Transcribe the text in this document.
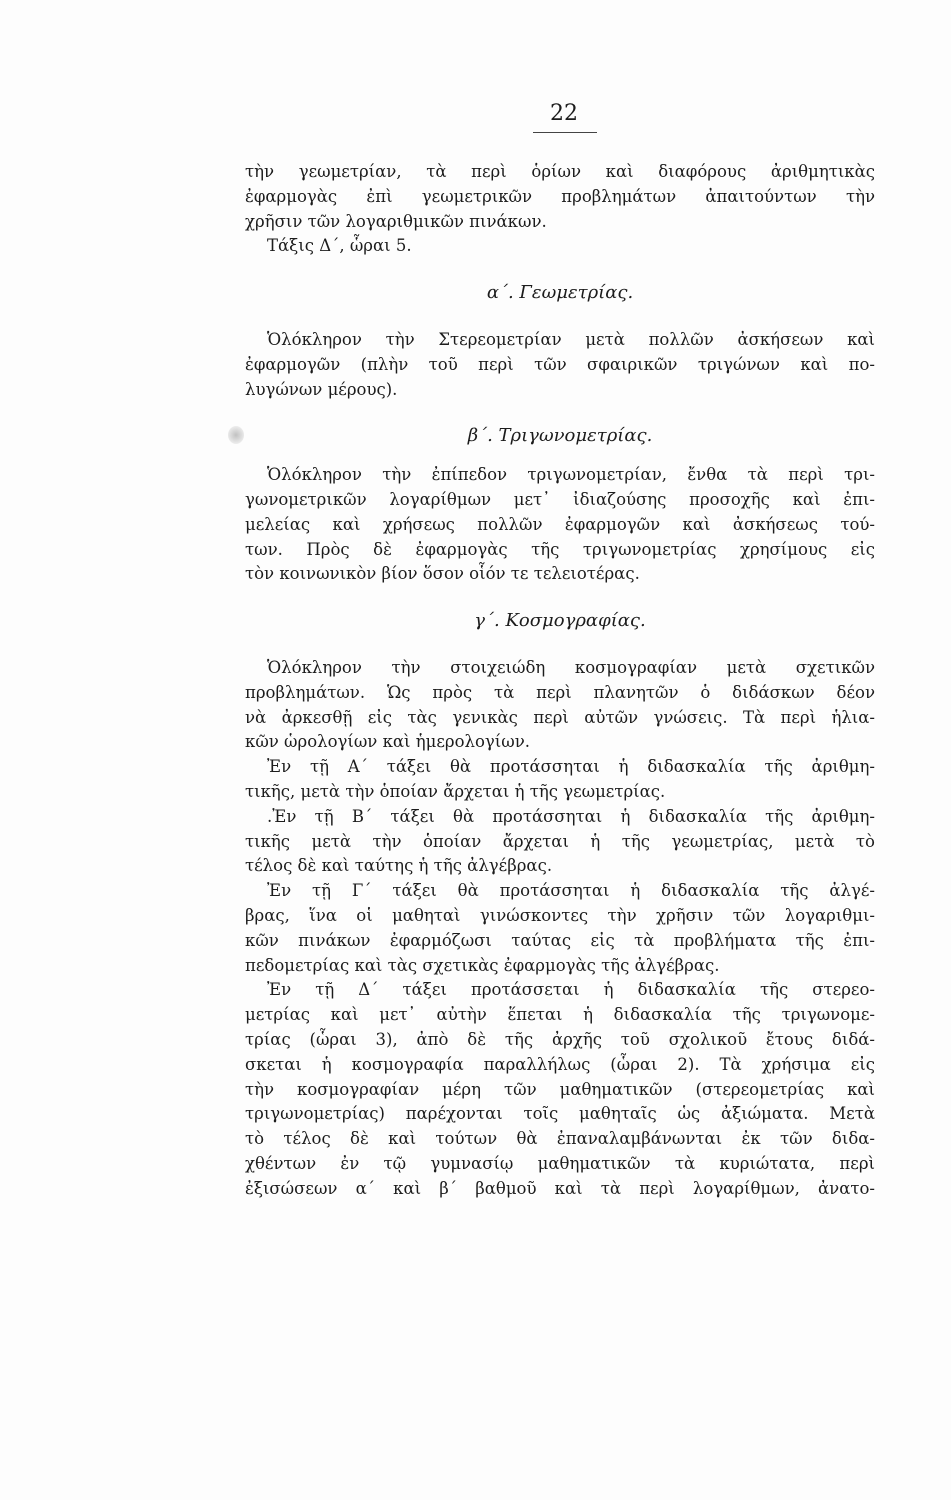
22
τὴν γεωμετρίαν, τὰ περὶ ὁρίων καὶ διαφόρους ἀριθμητικὰς
ἐφαρμογὰς ἐπὶ γεωμετρικῶν προβλημάτων ἀπαιτούντων τὴν
χρῆσιν τῶν λογαριθμικῶν πινάκων.
Τάξις Δ΄, ὧραι 5.
α΄. Γεωμετρίας.
Ὁλόκληρον τὴν Στερεομετρίαν μετὰ πολλῶν ἀσκήσεων καὶ
ἐφαρμογῶν (πλὴν τοῦ περὶ τῶν σφαιρικῶν τριγώνων καὶ πο-
λυγώνων μέρους).
β΄. Τριγωνομετρίας.
Ὁλόκληρον τὴν ἐπίπεδον τριγωνομετρίαν, ἔνθα τὰ περὶ τρι-
γωνομετρικῶν λογαρίθμων μετ᾽ ἰδιαζούσης προσοχῆς καὶ ἐπι-
μελείας καὶ χρήσεως πολλῶν ἐφαρμογῶν καὶ ἀσκήσεως τού-
των. Πρὸς δὲ ἐφαρμογὰς τῆς τριγωνομετρίας χρησίμους εἰς
τὸν κοινωνικὸν βίον ὅσον οἷόν τε τελειοτέρας.
γ΄. Κοσμογραφίας.
Ὁλόκληρον τὴν στοιχειώδη κοσμογραφίαν μετὰ σχετικῶν
προβλημάτων. Ὡς πρὸς τὰ περὶ πλανητῶν ὁ διδάσκων δέον
νὰ ἀρκεσθῇ εἰς τὰς γενικὰς περὶ αὐτῶν γνώσεις. Τὰ περὶ ἡλια-
κῶν ὡρολογίων καὶ ἡμερολογίων.
Ἐν τῇ Α΄ τάξει θὰ προτάσσηται ἡ διδασκαλία τῆς ἀριθμη-
τικῆς, μετὰ τὴν ὁποίαν ἄρχεται ἡ τῆς γεωμετρίας.
.Ἐν τῇ Β΄ τάξει θὰ προτάσσηται ἡ διδασκαλία τῆς ἀριθμη-
τικῆς μετὰ τὴν ὁποίαν ἄρχεται ἡ τῆς γεωμετρίας, μετὰ τὸ
τέλος δὲ καὶ ταύτης ἡ τῆς ἀλγέβρας.
Ἐν τῇ Γ΄ τάξει θὰ προτάσσηται ἡ διδασκαλία τῆς ἀλγέ-
βρας, ἵνα οἱ μαθηταὶ γινώσκοντες τὴν χρῆσιν τῶν λογαριθμι-
κῶν πινάκων ἐφαρμόζωσι ταύτας εἰς τὰ προβλήματα τῆς ἐπι-
πεδομετρίας καὶ τὰς σχετικὰς ἐφαρμογὰς τῆς ἀλγέβρας.
Ἐν τῇ Δ΄ τάξει προτάσσεται ἡ διδασκαλία τῆς στερεο-
μετρίας καὶ μετ᾽ αὐτὴν ἕπεται ἡ διδασκαλία τῆς τριγωνομε-
τρίας (ὧραι 3), ἀπὸ δὲ τῆς ἀρχῆς τοῦ σχολικοῦ ἔτους διδά-
σκεται ἡ κοσμογραφία παραλλήλως (ὧραι 2). Τὰ χρήσιμα εἰς
τὴν κοσμογραφίαν μέρη τῶν μαθηματικῶν (στερεομετρίας καὶ
τριγωνομετρίας) παρέχονται τοῖς μαθηταῖς ὡς ἀξιώματα. Μετὰ
τὸ τέλος δὲ καὶ τούτων θὰ ἐπαναλαμβάνωνται ἐκ τῶν διδα-
χθέντων ἐν τῷ γυμνασίῳ μαθηματικῶν τὰ κυριώτατα, περὶ
ἐξισώσεων α΄ καὶ β΄ βαθμοῦ καὶ τὰ περὶ λογαρίθμων, ἀνατο-
